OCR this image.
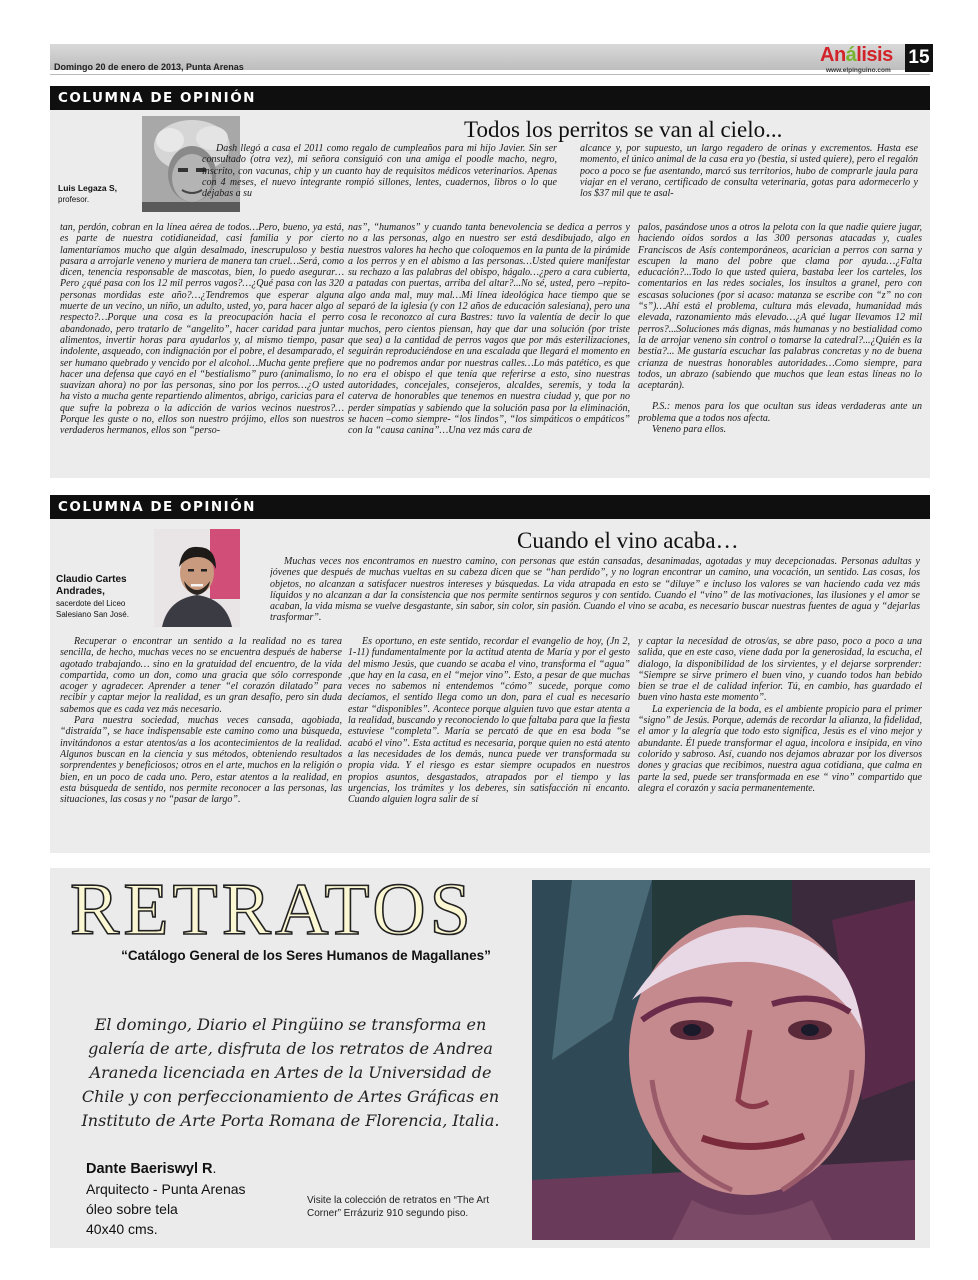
Domingo 20 de enero de 2013, Punta Arenas
Análisis
www.elpinguino.com
15
COLUMNA DE OPINIÓN
Todos los perritos se van al cielo...
Luis Legaza S,
profesor.

Dash llegó a casa el 2011 como regalo de cumpleaños para mi hijo Javier. Sin ser consultado (otra vez), mi señora consiguió con una amiga el poodle macho, negro, inscrito, con vacunas, chip y un cuanto hay de requisitos médicos veterinarios. Apenas con 4 meses, el nuevo integrante rompió sillones, lentes, cuadernos, libros o lo que dejabas a su

alcance y, por supuesto, un largo regadero de orinas y excrementos. Hasta ese momento, el único animal de la casa era yo (bestia, si usted quiere), pero el regalón poco a poco se fue asentando, marcó sus territorios, hubo de comprarle jaula para viajar en el verano, certificado de consulta veterinaria, gotas para adormecerlo y los $37 mil que te asal-

tan, perdón, cobran en la línea aérea de todos…Pero, bueno, ya está, es parte de nuestra cotidianeidad, casi familia y por cierto lamentaríamos mucho que algún desalmado, inescrupuloso y bestia pasara a arrojarle veneno y muriera de manera tan cruel…Será, como dicen, tenencia responsable de mascotas, bien, lo puedo asegurar…Pero ¿qué pasa con los 12 mil perros vagos?…¿Qué pasa con las 320 personas mordidas este año?…¿Tendremos que esperar alguna muerte de un vecino, un niño, un adulto, usted, yo, para hacer algo al respecto?…Porque una cosa es la preocupación hacia el perro abandonado, pero tratarlo de “angelito”, hacer caridad para juntar alimentos, invertir horas para ayudarlos y, al mismo tiempo, pasar indolente, asqueado, con indignación por el pobre, el desamparado, el ser humano quebrado y vencido por el alcohol…Mucha gente prefiere hacer una defensa que cayó en el “bestialismo” puro (animalismo, lo suavizan ahora) no por las personas, sino por los perros…¿O usted ha visto a mucha gente repartiendo alimentos, abrigo, caricias para el que sufre la pobreza o la adicción de varios vecinos nuestros?…Porque les guste o no, ellos son nuestro prójimo, ellos son nuestros verdaderos hermanos, ellos son “perso-

nas”, “humanos” y cuando tanta benevolencia se dedica a perros y no a las personas, algo en nuestro ser está desdibujado, algo en nuestros valores ha hecho que coloquemos en la punta de la pirámide a los perros y en el abismo a las personas…Usted quiere manifestar su rechazo a las palabras del obispo, hágalo…¿pero a cara cubierta, a patadas con puertas, arriba del altar?...No sé, usted, pero –repito-algo anda mal, muy mal…Mi línea ideológica hace tiempo que se separó de la iglesia (y con 12 años de educación salesiana), pero una cosa le reconozco al cura Bastres: tuvo la valentía de decir lo que muchos, pero cientos piensan, hay que dar una solución (por triste que sea) a la cantidad de perros vagos que por más esterilizaciones, seguirán reproduciéndose en una escalada que llegará el momento en que no podremos andar por nuestras calles…Lo más patético, es que no era el obispo el que tenía que referirse a esto, sino nuestras autoridades, concejales, consejeros, alcaldes, seremis, y toda la caterva de honorables que tenemos en nuestra ciudad y, que por no perder simpatías y sabiendo que la solución pasa por la eliminación, se hacen –como siempre- “los lindos”, “los simpáticos o empáticos” con la “causa canina”…Una vez más cara de

palos, pasándose unos a otros la pelota con la que nadie quiere jugar, haciendo oídos sordos a las 300 personas atacadas y, cuales Franciscos de Asís contemporáneos, acarician a perros con sarna y escupen la mano del pobre que clama por ayuda…¿Falta educación?...Todo lo que usted quiera, bastaba leer los carteles, los comentarios en las redes sociales, los insultos a granel, pero con escasas soluciones (por si acaso: matanza se escribe con “z” no con “s”)…Ahí está el problema, cultura más elevada, humanidad más elevada, razonamiento más elevado…¿A qué lugar llevamos 12 mil perros?...Soluciones más dignas, más humanas y no bestialidad como la de arrojar veneno sin control o tomarse la catedral?...¿Quién es la bestia?... Me gustaría escuchar las palabras concretas y no de buena crianza de nuestras honorables autoridades…Como siempre, para todos, un abrazo (sabiendo que muchos que lean estas líneas no lo aceptarán).

P.S.: menos para los que ocultan sus ideas verdaderas ante un problema que a todos nos afecta.

Veneno para ellos.

COLUMNA DE OPINIÓN
Cuando el vino acaba…
Claudio Cartes
Andrades,
sacerdote del Liceo
Salesiano San José.

Muchas veces nos encontramos en nuestro camino, con personas que están cansadas, desanimadas, agotadas y muy decepcionadas. Personas adultas y jóvenes que después de muchas vueltas en su cabeza dicen que se “han perdido”, y no logran encontrar un camino, una vocación, un sentido. Las cosas, los objetos, no alcanzan a satisfacer nuestros intereses y búsquedas. La vida atrapada en esto se “diluye” e incluso los valores se van haciendo cada vez más líquidos y no alcanzan a dar la consistencia que nos permite sentirnos seguros y con sentido. Cuando el “vino” de las motivaciones, las ilusiones y el amor se acaban, la vida misma se vuelve desgastante, sin sabor, sin color, sin pasión. Cuando el vino se acaba, es necesario buscar nuestras fuentes de agua y “dejarlas trasformar”.

Recuperar o encontrar un sentido a la realidad no es tarea sencilla, de hecho, muchas veces no se encuentra después de haberse agotado trabajando… sino en la gratuidad del encuentro, de la vida compartida, como un don, como una gracia que sólo corresponde acoger y agradecer. Aprender a tener “el corazón dilatado” para recibir y captar mejor la realidad, es un gran desafío, pero sin duda sabemos que es cada vez más necesario.

Para nuestra sociedad, muchas veces cansada, agobiada, “distraída”, se hace indispensable este camino como una búsqueda, invitándonos a estar atentos/as a los acontecimientos de la realidad. Algunos buscan en la ciencia y sus métodos, obteniendo resultados sorprendentes y beneficiosos; otros en el arte, muchos en la religión o bien, en un poco de cada uno. Pero, estar atentos a la realidad, en esta búsqueda de sentido, nos permite reconocer a las personas, las situaciones, las cosas y no “pasar de largo”.

Es oportuno, en este sentido, recordar el evangelio de hoy, (Jn 2, 1-11) fundamentalmente por la actitud atenta de María y por el gesto del mismo Jesús, que cuando se acaba el vino, transforma el “agua” ,que hay en la casa, en el “mejor vino”. Esto, a pesar de que muchas veces no sabemos ni entendemos “cómo” sucede, porque como decíamos, el sentido llega como un don, para el cual es necesario estar “disponibles”. Acontece porque alguien tuvo que estar atenta a la realidad, buscando y reconociendo lo que faltaba para que la fiesta estuviese “completa”. María se percató de que en esa boda “se acabó el vino”. Esta actitud es necesaria, porque quien no está atento a las necesidades de los demás, nunca puede ver transformada su propia vida. Y el riesgo es estar siempre ocupados en nuestros propios asuntos, desgastados, atrapados por el tiempo y las urgencias, los trámites y los deberes, sin satisfacción ni encanto. Cuando alguien logra salir de sí

y captar la necesidad de otros/as, se abre paso, poco a poco a una salida, que en este caso, viene dada por la generosidad, la escucha, el dialogo, la disponibilidad de los sirvientes, y el dejarse sorprender: “Siempre se sirve primero el buen vino, y cuando todos han bebido bien se trae el de calidad inferior. Tú, en cambio, has guardado el buen vino hasta este momento”.

La experiencia de la boda, es el ambiente propicio para el primer “signo” de Jesús. Porque, además de recordar la alianza, la fidelidad, el amor y la alegría que todo esto significa, Jesús es el vino mejor y abundante. Él puede transformar el agua, incolora e insípida, en vino colorido y sabroso. Así, cuando nos dejamos abrazar por los diversos dones y gracias que recibimos, nuestra agua cotidiana, que calma en parte la sed, puede ser transformada en ese “ vino” compartido que alegra el corazón y sacia permanentemente.

RETRATOS
“Catálogo General de los Seres Humanos de Magallanes”
El domingo, Diario el Pingüino se transforma en galería de arte, disfruta de los retratos de Andrea Araneda licenciada en Artes de la Universidad de Chile y con perfeccionamiento de Artes Gráficas en Instituto de Arte Porta Romana de Florencia, Italia.
Dante Baeriswyl R.
Arquitecto - Punta Arenas
óleo sobre tela
40x40 cms.
Visite la colección de retratos en “The Art Corner” Errázuriz 910 segundo piso.
